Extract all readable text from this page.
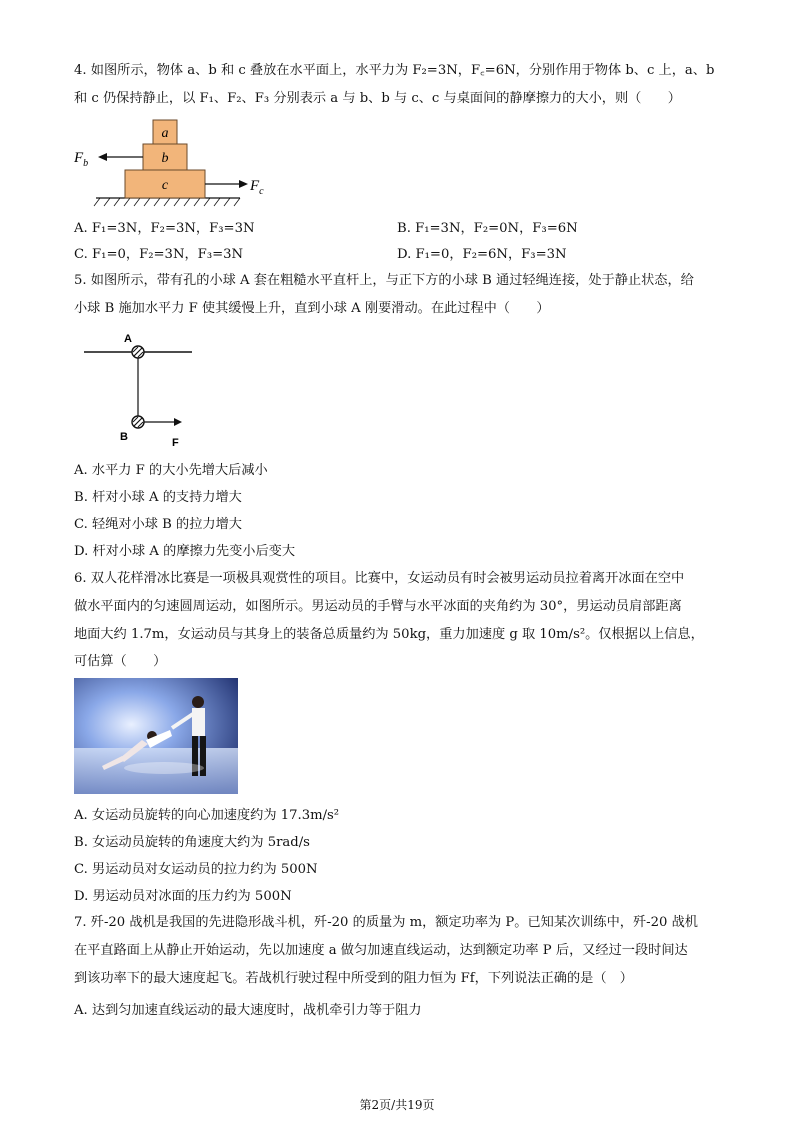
4. 如图所示，物体 a、b 和 c 叠放在水平面上，水平力为 F₂=3N，F꜀=6N，分别作用于物体 b、c 上，a、b
和 c 仍保持静止，以 F₁、F₂、F₃ 分别表示 a 与 b、b 与 c、c 与桌面间的静摩擦力的大小，则（　　）
a
b
c
$F_b$
$F_c$
A. F₁=3N，F₂=3N，F₃=3N	B. F₁=3N，F₂=0N，F₃=6N
C. F₁=0，F₂=3N，F₃=3N	D. F₁=0，F₂=6N，F₃=3N
5. 如图所示，带有孔的小球 A 套在粗糙水平直杆上，与正下方的小球 B 通过轻绳连接，处于静止状态，给
小球 B 施加水平力 F 使其缓慢上升，直到小球 A 刚要滑动。在此过程中（　　）
A
B	F
A. 水平力 F 的大小先增大后减小
B. 杆对小球 A 的支持力增大
C. 轻绳对小球 B 的拉力增大
D. 杆对小球 A 的摩擦力先变小后变大
6. 双人花样滑冰比赛是一项极具观赏性的项目。比赛中，女运动员有时会被男运动员拉着离开冰面在空中
做水平面内的匀速圆周运动，如图所示。男运动员的手臂与水平冰面的夹角约为 30°，男运动员肩部距离
地面大约 1.7m，女运动员与其身上的装备总质量约为 50kg，重力加速度 g 取 10m/s²。仅根据以上信息，
可估算（　　）
A. 女运动员旋转的向心加速度约为 17.3m/s²
B. 女运动员旋转的角速度大约为 5rad/s
C. 男运动员对女运动员的拉力约为 500N
D. 男运动员对冰面的压力约为 500N
7. 歼-20 战机是我国的先进隐形战斗机，歼-20 的质量为 m，额定功率为 P。已知某次训练中，歼-20 战机
在平直路面上从静止开始运动，先以加速度 a 做匀加速直线运动，达到额定功率 P 后，又经过一段时间达
到该功率下的最大速度起飞。若战机行驶过程中所受到的阻力恒为 Ff，下列说法正确的是（　）
A. 达到匀加速直线运动的最大速度时，战机牵引力等于阻力
第2页/共19页
